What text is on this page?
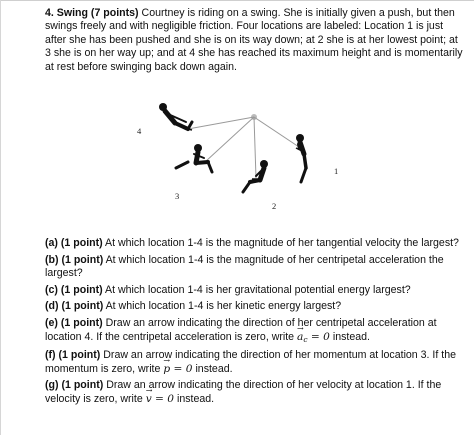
4. Swing (7 points) Courtney is riding on a swing. She is initially given a push, but then swings freely and with negligible friction. Four locations are labeled: Location 1 is just after she has been pushed and she is on its way down; at 2 she is at her lowest point; at 3 she is on her way up; and at 4 she has reached its maximum height and is momentarily at rest before swinging back down again.
1
2
3
4
(a) (1 point) At which location 1-4 is the magnitude of her tangential velocity the largest?
(b) (1 point) At which location 1-4 is the magnitude of her centripetal acceleration the largest?
(c) (1 point) At which location 1-4 is her gravitational potential energy largest?
(d) (1 point) At which location 1-4 is her kinetic energy largest?
(e) (1 point) Draw an arrow indicating the direction of her centripetal acceleration at location 4. If the centripetal acceleration is zero, write → $a_c = 0$ instead.
(f) (1 point) Draw an arrow indicating the direction of her momentum at location 3. If the momentum is zero, write → p = 0 instead.
(g) (1 point) Draw an arrow indicating the direction of her velocity at location 1. If the velocity is zero, write → v = 0 instead.
